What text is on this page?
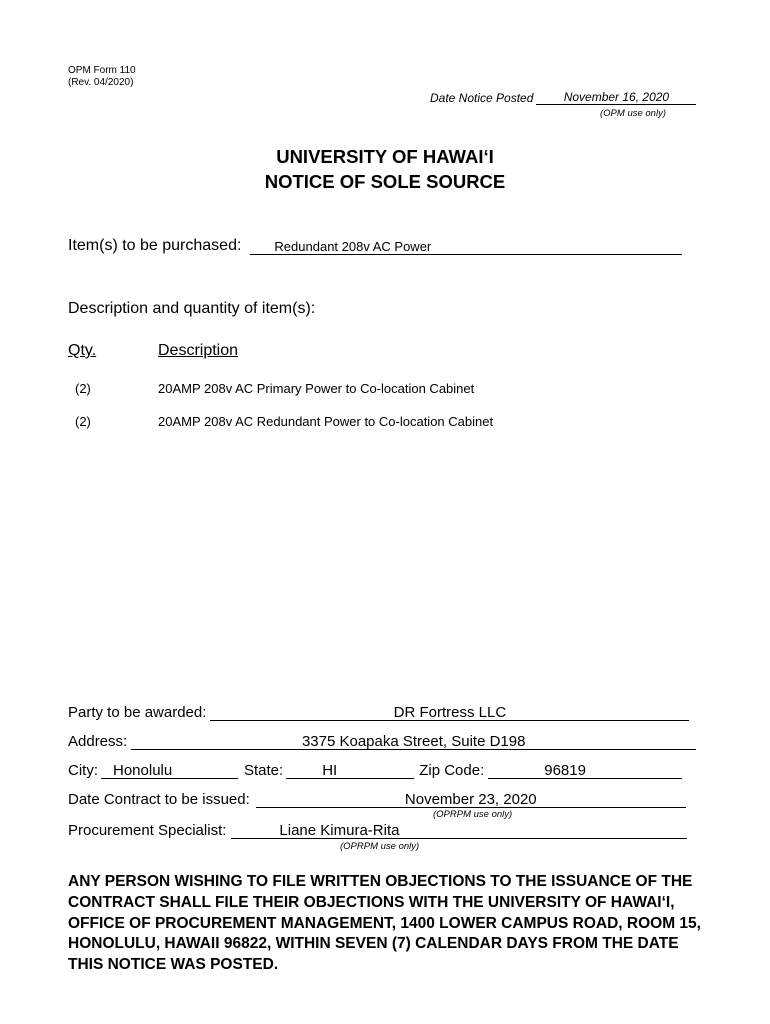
OPM Form 110
(Rev. 04/2020)
Date Notice Posted	November 16, 2020
(OPM use only)
UNIVERSITY OF HAWAI‘I
NOTICE OF SOLE SOURCE
Item(s) to be purchased:	Redundant 208v AC Power
Description and quantity of item(s):
Qty.	Description
(2)	20AMP 208v AC Primary Power to Co-location Cabinet
(2)	20AMP 208v AC Redundant Power to Co-location Cabinet
Party to be awarded:	DR Fortress LLC
Address:	3375 Koapaka Street, Suite D198
City:	Honolulu	State:	HI	Zip Code:	96819
Date Contract to be issued:	November 23, 2020
(OPRPM use only)
Procurement Specialist:	Liane Kimura-Rita
(OPRPM use only)
ANY PERSON WISHING TO FILE WRITTEN OBJECTIONS TO THE ISSUANCE OF THE CONTRACT SHALL FILE THEIR OBJECTIONS WITH THE UNIVERSITY OF HAWAI‘I, OFFICE OF PROCUREMENT MANAGEMENT, 1400 LOWER CAMPUS ROAD, ROOM 15, HONOLULU, HAWAII 96822, WITHIN SEVEN (7) CALENDAR DAYS FROM THE DATE THIS NOTICE WAS POSTED.
